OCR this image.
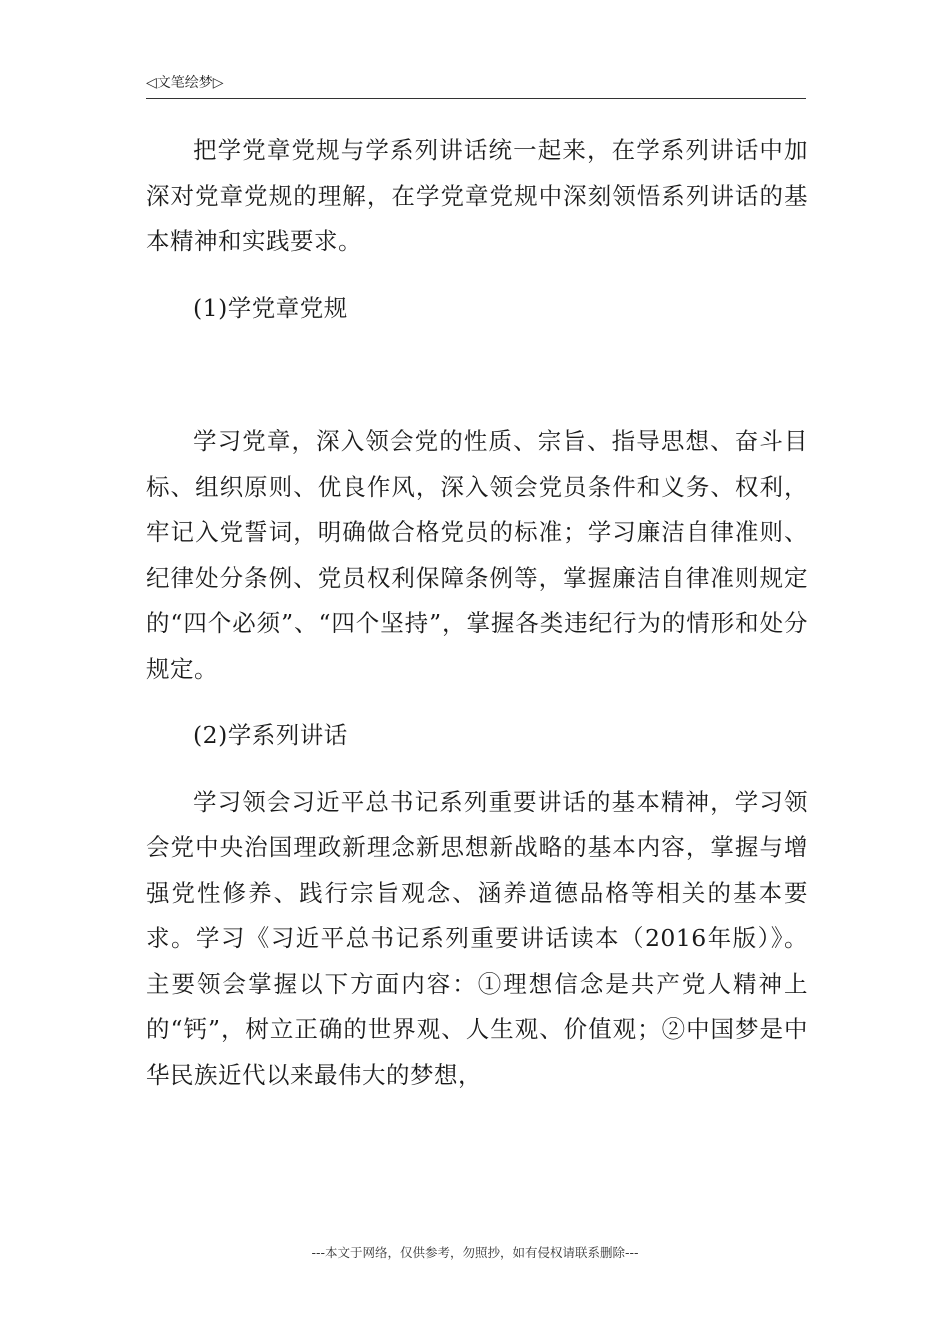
◁文笔绘梦▷

把学党章党规与学系列讲话统一起来，在学系列讲话中加深对党章党规的理解，在学党章党规中深刻领悟系列讲话的基本精神和实践要求。

(1)学党章党规

学习党章，深入领会党的性质、宗旨、指导思想、奋斗目标、组织原则、优良作风，深入领会党员条件和义务、权利，牢记入党誓词，明确做合格党员的标准；学习廉洁自律准则、纪律处分条例、党员权利保障条例等，掌握廉洁自律准则规定的“四个必须”、“四个坚持”，掌握各类违纪行为的情形和处分规定。

(2)学系列讲话

学习领会习近平总书记系列重要讲话的基本精神，学习领会党中央治国理政新理念新思想新战略的基本内容，掌握与增强党性修养、践行宗旨观念、涵养道德品格等相关的基本要求。学习《习近平总书记系列重要讲话读本（2016年版）》。主要领会掌握以下方面内容：①理想信念是共产党人精神上的“钙”，树立正确的世界观、人生观、价值观；②中国梦是中华民族近代以来最伟大的梦想，

---本文于网络，仅供参考，勿照抄，如有侵权请联系删除---
